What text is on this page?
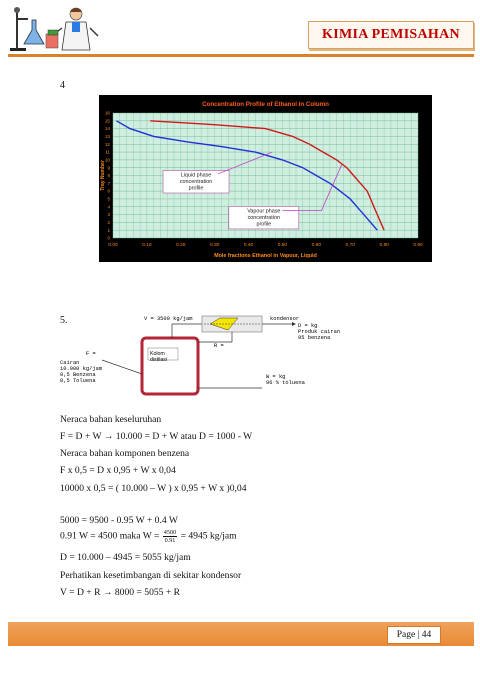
KIMIA PEMISAHAN
4
Concentration Profile of Ethanol in Column
0.00	0.10	0.20	0.30	0.40	0.50	0.60	0.70	0.80	0.90
0
1
2
3
4
5
6
7
8
9
10
11
12
13
14
15
16
Mole fractions Ethanol in Vapour, Liquid
Tray Number	Liquid phase
concentration
profile
Vapour phase
concentration
profile
5.
Kolom
distilasi
V = 3500 kg/jam	kondensor
D = kg
Produk cairan
95 benzena
R =
F =
Cairan
10.000 kg/jam
0,5 Benzena
0,5 Toluena
W = kg
96 % toluena
Neraca bahan keseluruhan
F = D + W → 10.000 = D + W atau D = 1000 - W
Neraca bahan komponen benzena
F x 0,5 = D x 0,95 + W x 0,04
10000 x 0,5 = ( 10.000 – W ) x 0,95 + W x )0,04
5000 = 9500 - 0.95 W + 0.4 W
0.91 W = 4500 maka $W = \frac{4500}{0.91} = 4945$ kg/jam
D = 10.000 – 4945 = 5055 kg/jam
Perhatikan kesetimbangan di sekitar kondensor
V = D + R → 8000 = 5055 + R
Page | 44
